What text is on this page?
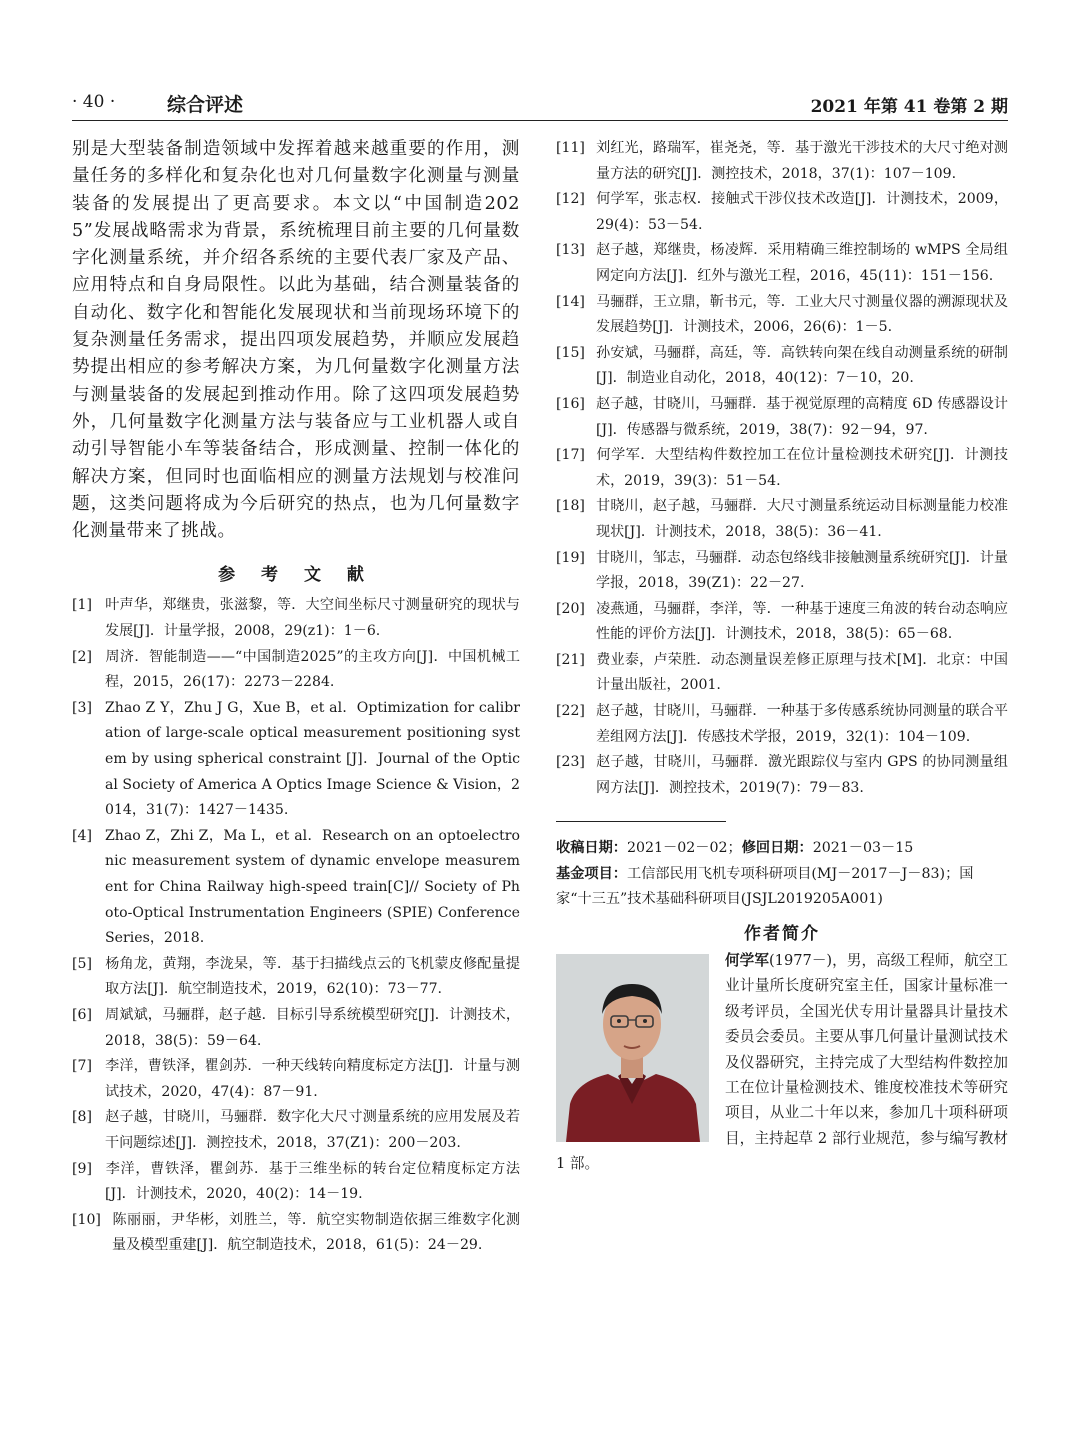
· 40 ·	综合评述	2021 年第 41 卷第 2 期

别是大型装备制造领域中发挥着越来越重要的作用，测量任务的多样化和复杂化也对几何量数字化测量与测量装备的发展提出了更高要求。本文以“中国制造2025”发展战略需求为背景，系统梳理目前主要的几何量数字化测量系统，并介绍各系统的主要代表厂家及产品、应用特点和自身局限性。以此为基础，结合测量装备的自动化、数字化和智能化发展现状和当前现场环境下的复杂测量任务需求，提出四项发展趋势，并顺应发展趋势提出相应的参考解决方案，为几何量数字化测量方法与测量装备的发展起到推动作用。除了这四项发展趋势外，几何量数字化测量方法与装备应与工业机器人或自动引导智能小车等装备结合，形成测量、控制一体化的解决方案，但同时也面临相应的测量方法规划与校准问题，这类问题将成为今后研究的热点，也为几何量数字化测量带来了挑战。

参 考 文 献
[1] 叶声华，郑继贵，张滋黎，等．大空间坐标尺寸测量研究的现状与发展[J]．计量学报，2008，29(z1)：1－6.
[2] 周济．智能制造——“中国制造2025”的主攻方向[J]．中国机械工程，2015，26(17)：2273－2284.
[3] Zhao Z Y，Zhu J G，Xue B，et al．Optimization for calibration of large-scale optical measurement positioning system by using spherical constraint [J]．Journal of the Optical Society of America A Optics Image Science & Vision，2014，31(7)：1427－1435.
[4] Zhao Z，Zhi Z，Ma L，et al．Research on an optoelectronic measurement system of dynamic envelope measurement for China Railway high-speed train[C]// Society of Photo-Optical Instrumentation Engineers (SPIE) Conference Series，2018.
[5] 杨角龙，黄翔，李泷杲，等．基于扫描线点云的飞机蒙皮修配量提取方法[J]．航空制造技术，2019，62(10)：73－77.
[6] 周斌斌，马骊群，赵子越．目标引导系统模型研究[J]．计测技术，2018，38(5)：59－64.
[7] 李洋，曹铁泽，瞿剑苏．一种天线转向精度标定方法[J]．计量与测试技术，2020，47(4)：87－91.
[8] 赵子越，甘晓川，马骊群．数字化大尺寸测量系统的应用发展及若干问题综述[J]．测控技术，2018，37(Z1)：200－203.
[9] 李洋，曹铁泽，瞿剑苏．基于三维坐标的转台定位精度标定方法[J]．计测技术，2020，40(2)：14－19.
[10] 陈丽丽，尹华彬，刘胜兰，等．航空实物制造依据三维数字化测量及模型重建[J]．航空制造技术，2018，61(5)：24－29.
[11] 刘红光，路瑞军，崔尧尧，等．基于激光干涉技术的大尺寸绝对测量方法的研究[J]．测控技术，2018，37(1)：107－109.
[12] 何学军，张志权．接触式干涉仪技术改造[J]．计测技术，2009，29(4)：53－54.
[13] 赵子越，郑继贵，杨凌辉．采用精确三维控制场的 wMPS 全局组网定向方法[J]．红外与激光工程，2016，45(11)：151－156.
[14] 马骊群，王立鼎，靳书元，等．工业大尺寸测量仪器的溯源现状及发展趋势[J]．计测技术，2006，26(6)：1－5.
[15] 孙安斌，马骊群，高廷，等．高铁转向架在线自动测量系统的研制[J]．制造业自动化，2018，40(12)：7－10，20.
[16] 赵子越，甘晓川，马骊群．基于视觉原理的高精度 6D 传感器设计[J]．传感器与微系统，2019，38(7)：92－94，97.
[17] 何学军．大型结构件数控加工在位计量检测技术研究[J]．计测技术，2019，39(3)：51－54.
[18] 甘晓川，赵子越，马骊群．大尺寸测量系统运动目标测量能力校准现状[J]．计测技术，2018，38(5)：36－41.
[19] 甘晓川，邹志，马骊群．动态包络线非接触测量系统研究[J]．计量学报，2018，39(Z1)：22－27.
[20] 凌燕通，马骊群，李洋，等．一种基于速度三角波的转台动态响应性能的评价方法[J]．计测技术，2018，38(5)：65－68.
[21] 费业泰，卢荣胜．动态测量误差修正原理与技术[M]．北京：中国计量出版社，2001.
[22] 赵子越，甘晓川，马骊群．一种基于多传感系统协同测量的联合平差组网方法[J]．传感技术学报，2019，32(1)：104－109.
[23] 赵子越，甘晓川，马骊群．激光跟踪仪与室内 GPS 的协同测量组网方法[J]．测控技术，2019(7)：79－83.

收稿日期：2021－02－02；修回日期：2021－03－15

基金项目：工信部民用飞机专项科研项目(MJ－2017－J－83)；国家“十三五”技术基础科研项目(JSJL2019205A001)

作者简介

何学军(1977－)，男，高级工程师，航空工业计量所长度研究室主任，国家计量标准一级考评员，全国光伏专用计量器具计量技术委员会委员。主要从事几何量计量测试技术及仪器研究，主持完成了大型结构件数控加工在位计量检测技术、锥度校准技术等研究项目，从业二十年以来，参加几十项科研项目，主持起草 2 部行业规范，参与编写教材 1 部。
